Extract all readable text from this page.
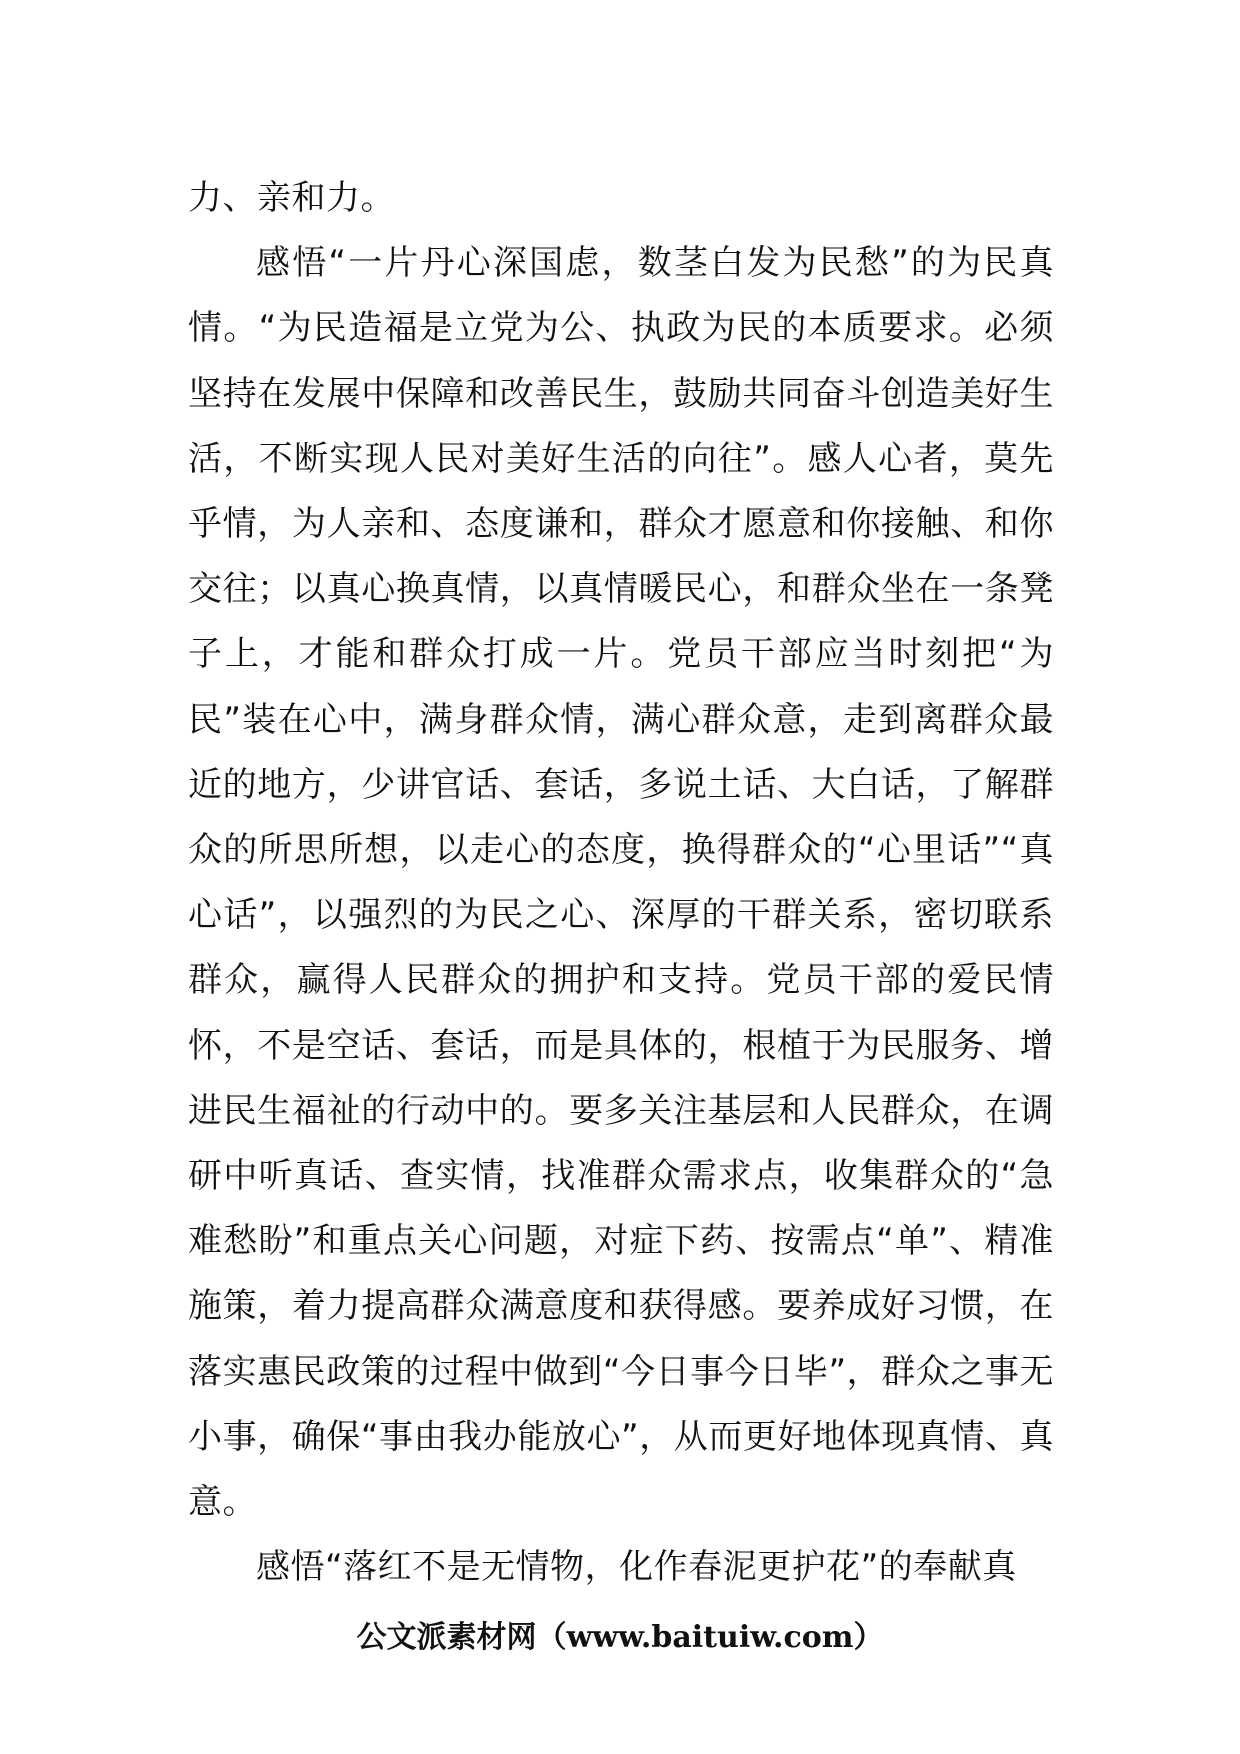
力、亲和力。

感悟“一片丹心深国虑，数茎白发为民愁”的为民真情。“为民造福是立党为公、执政为民的本质要求。必须坚持在发展中保障和改善民生，鼓励共同奋斗创造美好生活，不断实现人民对美好生活的向往”。感人心者，莫先乎情，为人亲和、态度谦和，群众才愿意和你接触、和你交往；以真心换真情，以真情暖民心，和群众坐在一条凳子上，才能和群众打成一片。党员干部应当时刻把“为民”装在心中，满身群众情，满心群众意，走到离群众最近的地方，少讲官话、套话，多说土话、大白话，了解群众的所思所想，以走心的态度，换得群众的“心里话”“真心话”，以强烈的为民之心、深厚的干群关系，密切联系群众，赢得人民群众的拥护和支持。党员干部的爱民情怀，不是空话、套话，而是具体的，根植于为民服务、增进民生福祉的行动中的。要多关注基层和人民群众，在调研中听真话、查实情，找准群众需求点，收集群众的“急难愁盼”和重点关心问题，对症下药、按需点“单”、精准施策，着力提高群众满意度和获得感。要养成好习惯，在落实惠民政策的过程中做到“今日事今日毕”，群众之事无小事，确保“事由我办能放心”，从而更好地体现真情、真意。

感悟“落红不是无情物，化作春泥更护花”的奉献真

公文派素材网（www.baituiw.com）
